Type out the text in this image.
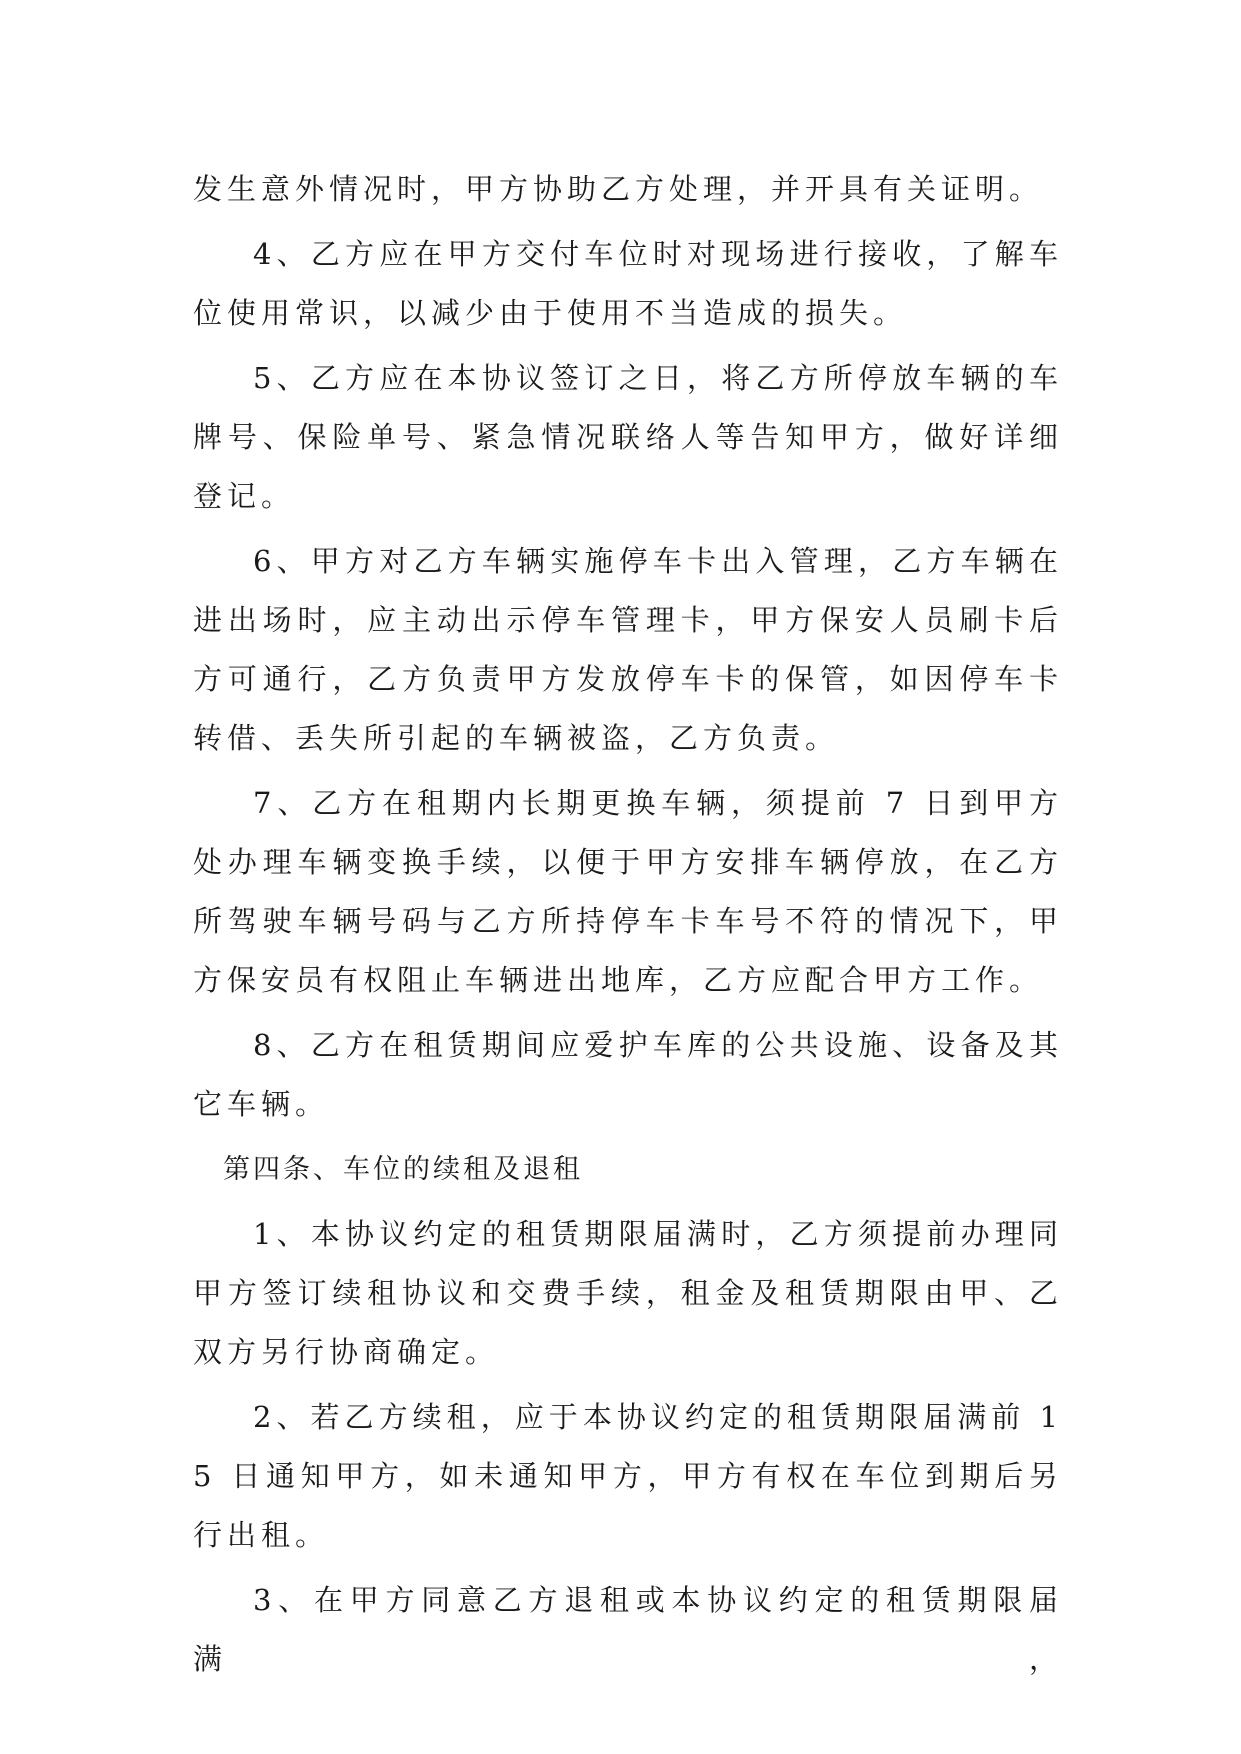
发生意外情况时，甲方协助乙方处理，并开具有关证明。

4、乙方应在甲方交付车位时对现场进行接收，了解车位使用常识，以减少由于使用不当造成的损失。

5、乙方应在本协议签订之日，将乙方所停放车辆的车牌号、保险单号、紧急情况联络人等告知甲方，做好详细登记。

6、甲方对乙方车辆实施停车卡出入管理，乙方车辆在进出场时，应主动出示停车管理卡，甲方保安人员刷卡后方可通行，乙方负责甲方发放停车卡的保管，如因停车卡转借、丢失所引起的车辆被盗，乙方负责。

7、乙方在租期内长期更换车辆，须提前 7 日到甲方处办理车辆变换手续，以便于甲方安排车辆停放，在乙方所驾驶车辆号码与乙方所持停车卡车号不符的情况下，甲方保安员有权阻止车辆进出地库，乙方应配合甲方工作。

8、乙方在租赁期间应爱护车库的公共设施、设备及其它车辆。

第四条、车位的续租及退租

1、本协议约定的租赁期限届满时，乙方须提前办理同甲方签订续租协议和交费手续，租金及租赁期限由甲、乙双方另行协商确定。

2、若乙方续租，应于本协议约定的租赁期限届满前 15 日通知甲方，如未通知甲方，甲方有权在车位到期后另行出租。

3、在甲方同意乙方退租或本协议约定的租赁期限届满，
